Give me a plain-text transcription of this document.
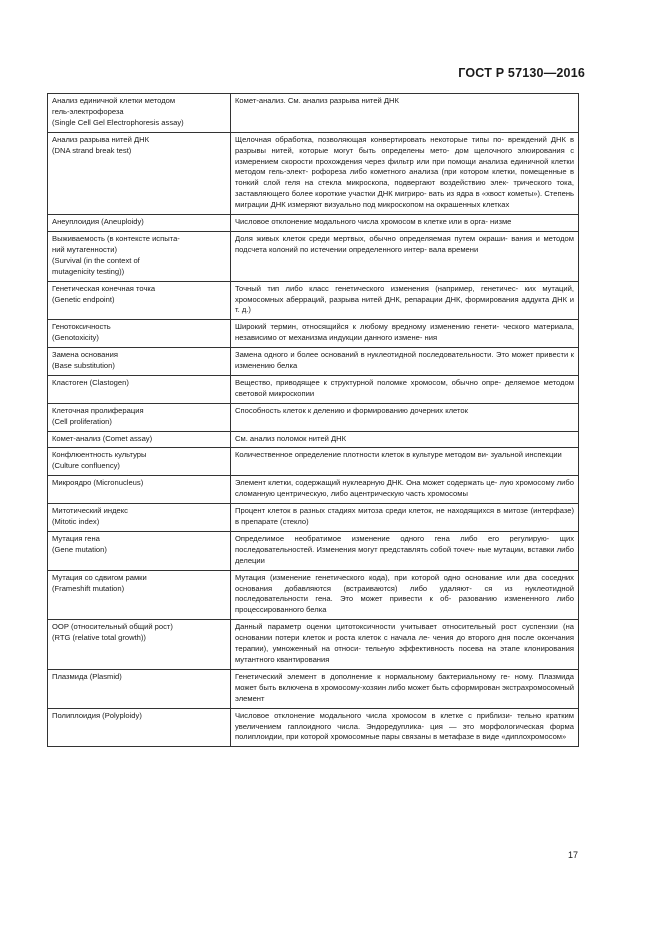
ГОСТ Р 57130—2016
Анализ единичной клетки методом
гель-электрофореза
(Single Cell Gel Electrophoresis assay)	Комет-анализ. См. анализ разрыва нитей ДНК

Анализ разрыва нитей ДНК
(DNA strand break test)	Щелочная обработка, позволяющая конвертировать некоторые типы по- вреждений ДНК в разрывы нитей, которые могут быть определены мето- дом щелочного элюирования с измерением скорости прохождения через фильтр или при помощи анализа единичной клетки методом гель-элект- рофореза либо кометного анализа (при котором клетки, помещенные в тонкий слой геля на стекла микроскопа, подвергают воздействию элек- трического тока, заставляющего более короткие участки ДНК мигриро- вать из ядра в «хвост кометы»). Степень миграции ДНК измеряют визуально под микроскопом на окрашенных клетках

Анеуплоидия (Aneuploidy)	Числовое отклонение модального числа хромосом в клетке или в орга- низме

Выживаемость (в контексте испыта-
ний мутагенности)
(Survival (in the context of
mutagenicity testing))	Доля живых клеток среди мертвых, обычно определяемая путем окраши- вания и методом подсчета колоний по истечении определенного интер- вала времени

Генетическая конечная точка
(Genetic endpoint)	Точный тип либо класс генетического изменения (например, генетичес- ких мутаций, хромосомных аберраций, разрыва нитей ДНК, репарации ДНК, формирования аддукта ДНК и т. д.)

Генотоксичность
(Genotoxicity)	Широкий термин, относящийся к любому вредному изменению генети- ческого материала, независимо от механизма индукции данного измене- ния

Замена основания
(Base substitution)	Замена одного и более оснований в нуклеотидной последовательности. Это может привести к изменению белка

Кластоген (Clastogen)	Вещество, приводящее к структурной поломке хромосом, обычно опре- деляемое методом световой микроскопии

Клеточная пролиферация
(Cell proliferation)	Способность клеток к делению и формированию дочерних клеток

Комет-анализ (Comet assay)	См. анализ поломок нитей ДНК

Конфлюентность культуры
(Culture confluency)	Количественное определение плотности клеток в культуре методом ви- зуальной инспекции

Микроядро (Micronucleus)	Элемент клетки, содержащий нуклеарную ДНК. Она может содержать це- лую хромосому либо сломанную центрическую, либо ацентрическую часть хромосомы

Митотический индекс
(Mitotic index)	Процент клеток в разных стадиях митоза среди клеток, не находящихся в митозе (интерфазе) в препарате (стекло)

Мутация гена
(Gene mutation)	Определимое необратимое изменение одного гена либо его регулирую- щих последовательностей. Изменения могут представлять собой точеч- ные мутации, вставки либо делеции

Мутация со сдвигом рамки
(Frameshift mutation)	Мутация (изменение генетического кода), при которой одно основание или два соседних основания добавляются (встраиваются) либо удаляют- ся из нуклеотидной последовательности гена. Это может привести к об- разованию измененного либо процессированного белка

ООР (относительный общий рост)
(RTG (relative total growth))	Данный параметр оценки цитотоксичности учитывает относительный рост суспензии (на основании потери клеток и роста клеток с начала ле- чения до второго дня после окончания терапии), умноженный на относи- тельную эффективность посева на этапе клонирования мутантного квантирования

Плазмида (Plasmid)	Генетический элемент в дополнение к нормальному бактериальному ге- ному. Плазмида может быть включена в хромосому-хозяин либо может быть сформирован экстрахромосомный элемент

Полиплоидия (Polyploidy)	Числовое отклонение модального числа хромосом в клетке с приблизи- тельно кратким увеличением гаплоидного числа. Эндоредуплика- ция — это морфологическая форма полиплоидии, при которой хромосомные пары связаны в метафазе в виде «диплохромосом»
17
